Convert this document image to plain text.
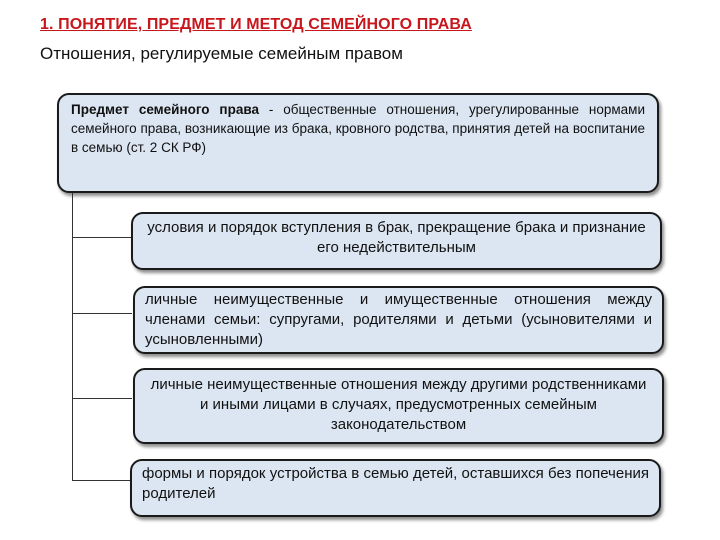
1. ПОНЯТИЕ, ПРЕДМЕТ И МЕТОД СЕМЕЙНОГО ПРАВА
Отношения, регулируемые семейным правом
Предмет семейного права - общественные отношения, урегулированные нормами семейного права, возникающие из брака, кровного родства, принятия детей на воспитание в семью (ст. 2 СК РФ)
условия и порядок вступления в брак, прекращение брака и признание его недействительным
личные неимущественные и имущественные отношения между членами семьи: супругами, родителями и детьми (усыновителями и усыновленными)
личные неимущественные отношения между другими родственниками и иными лицами в случаях, предусмотренных семейным законодательством
формы и порядок устройства в семью детей, оставшихся без попечения родителей
